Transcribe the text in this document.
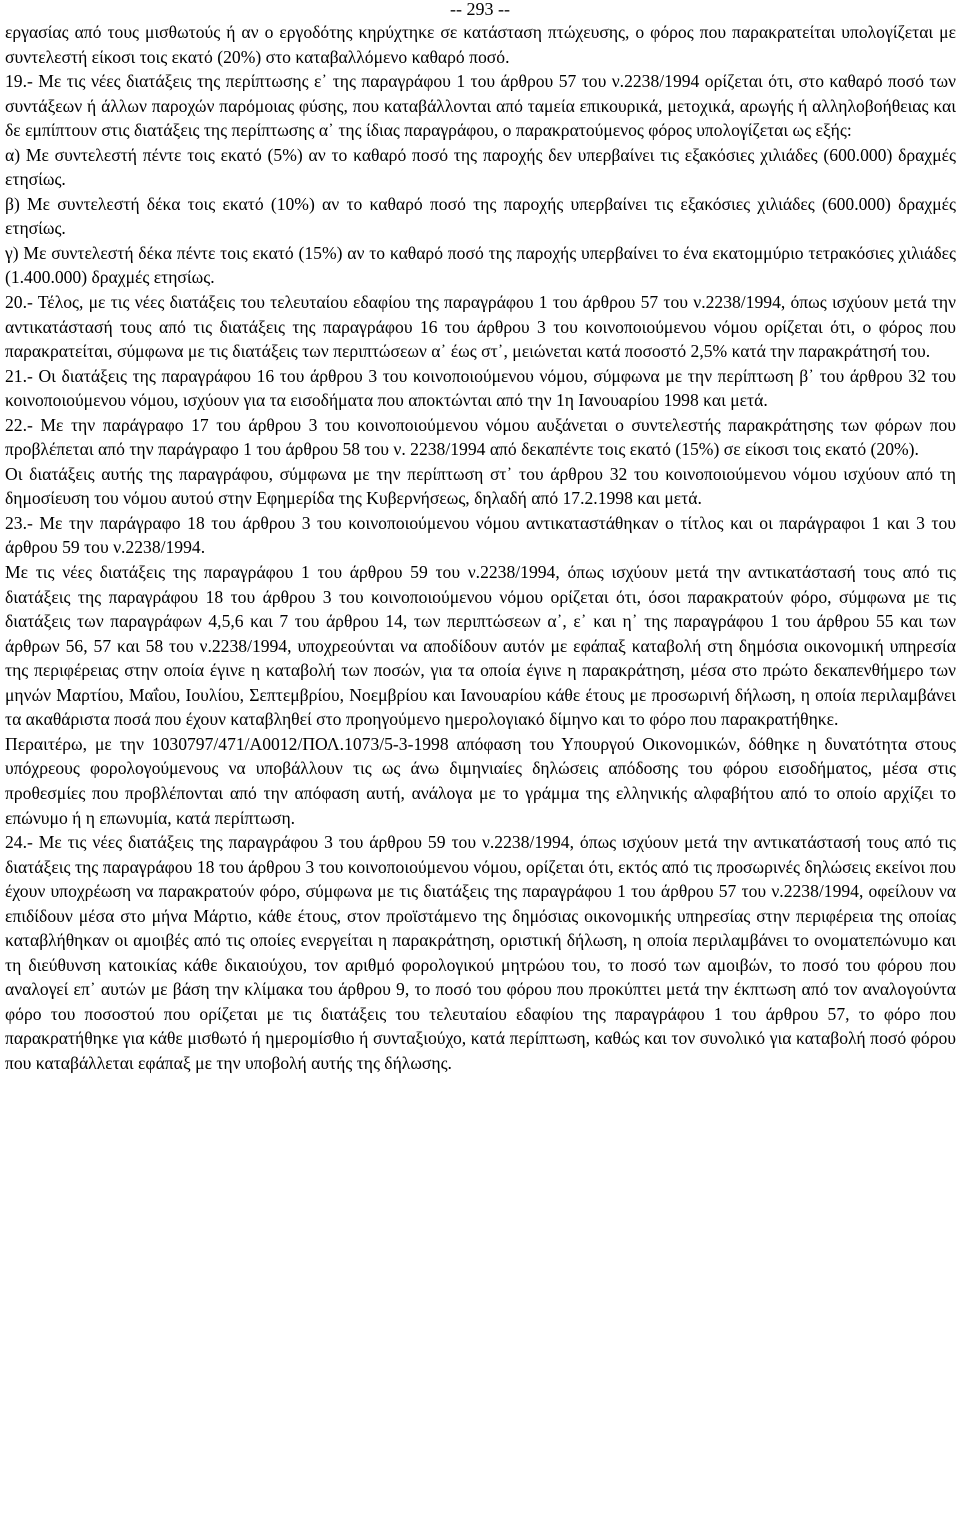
-- 293 --

εργασίας από τους μισθωτούς ή αν ο εργοδότης κηρύχτηκε σε κατάσταση πτώχευσης, ο φόρος που παρακρατείται υπολογίζεται με συντελεστή είκοσι τοις εκατό (20%) στο καταβαλλόμενο καθαρό ποσό.

19.- Με τις νέες διατάξεις της περίπτωσης ε᾽ της παραγράφου 1 του άρθρου 57 του ν.2238/1994 ορίζεται ότι, στο καθαρό ποσό των συντάξεων ή άλλων παροχών παρόμοιας φύσης, που καταβάλλονται από ταμεία επικουρικά, μετοχικά, αρωγής ή αλληλοβοήθειας και δε εμπίπτουν στις διατάξεις της περίπτωσης α᾽ της ίδιας παραγράφου, ο παρακρατούμενος φόρος υπολογίζεται ως εξής:

α) Με συντελεστή πέντε τοις εκατό (5%) αν το καθαρό ποσό της παροχής δεν υπερβαίνει τις εξακόσιες χιλιάδες (600.000) δραχμές ετησίως.

β) Με συντελεστή δέκα τοις εκατό (10%) αν το καθαρό ποσό της παροχής υπερβαίνει τις εξακόσιες χιλιάδες (600.000) δραχμές ετησίως.

γ) Με συντελεστή δέκα πέντε τοις εκατό (15%) αν το καθαρό ποσό της παροχής υπερβαίνει το ένα εκατομμύριο τετρακόσιες χιλιάδες (1.400.000) δραχμές ετησίως.

20.- Τέλος, με τις νέες διατάξεις του τελευταίου εδαφίου της παραγράφου 1 του άρθρου 57 του ν.2238/1994, όπως ισχύουν μετά την αντικατάστασή τους από τις διατάξεις της παραγράφου 16 του άρθρου 3 του κοινοποιούμενου νόμου ορίζεται ότι, ο φόρος που παρακρατείται, σύμφωνα με τις διατάξεις των περιπτώσεων α᾽ έως στ᾽, μειώνεται κατά ποσοστό 2,5% κατά την παρακράτησή του.

21.- Οι διατάξεις της παραγράφου 16 του άρθρου 3 του κοινοποιούμενου νόμου, σύμφωνα με την περίπτωση β᾽ του άρθρου 32 του κοινοποιούμενου νόμου, ισχύουν για τα εισοδήματα που αποκτώνται από την 1η Ιανουαρίου 1998 και μετά.

22.- Με την παράγραφο 17 του άρθρου 3 του κοινοποιούμενου νόμου αυξάνεται ο συντελεστής παρακράτησης των φόρων που προβλέπεται από την παράγραφο 1 του άρθρου 58 του ν. 2238/1994 από δεκαπέντε τοις εκατό (15%) σε είκοσι τοις εκατό (20%).

Οι διατάξεις αυτής της παραγράφου, σύμφωνα με την περίπτωση στ᾽ του άρθρου 32 του κοινοποιούμενου νόμου ισχύουν από τη δημοσίευση του νόμου αυτού στην Εφημερίδα της Κυβερνήσεως, δηλαδή από 17.2.1998 και μετά.

23.- Με την παράγραφο 18 του άρθρου 3 του κοινοποιούμενου νόμου αντικαταστάθηκαν ο τίτλος και οι παράγραφοι 1 και 3 του άρθρου 59 του ν.2238/1994.

Με τις νέες διατάξεις της παραγράφου 1 του άρθρου 59 του ν.2238/1994, όπως ισχύουν μετά την αντικατάστασή τους από τις διατάξεις της παραγράφου 18 του άρθρου 3 του κοινοποιούμενου νόμου ορίζεται ότι, όσοι παρακρατούν φόρο, σύμφωνα με τις διατάξεις των παραγράφων 4,5,6 και 7 του άρθρου 14, των περιπτώσεων α᾽, ε᾽ και η᾽ της παραγράφου 1 του άρθρου 55 και των άρθρων 56, 57 και 58 του ν.2238/1994, υποχρεούνται να αποδίδουν αυτόν με εφάπαξ καταβολή στη δημόσια οικονομική υπηρεσία της περιφέρειας στην οποία έγινε η καταβολή των ποσών, για τα οποία έγινε η παρακράτηση, μέσα στο πρώτο δεκαπενθήμερο των μηνών Μαρτίου, Μαΐου, Ιουλίου, Σεπτεμβρίου, Νοεμβρίου και Ιανουαρίου κάθε έτους με προσωρινή δήλωση, η οποία περιλαμβάνει τα ακαθάριστα ποσά που έχουν καταβληθεί στο προηγούμενο ημερολογιακό δίμηνο και το φόρο που παρακρατήθηκε.

Περαιτέρω, με την 1030797/471/Α0012/ΠΟΛ.1073/5-3-1998 απόφαση του Υπουργού Οικονομικών, δόθηκε η δυνατότητα στους υπόχρεους φορολογούμενους να υποβάλλουν τις ως άνω διμηνιαίες δηλώσεις απόδοσης του φόρου εισοδήματος, μέσα στις προθεσμίες που προβλέπονται από την απόφαση αυτή, ανάλογα με το γράμμα της ελληνικής αλφαβήτου από το οποίο αρχίζει το επώνυμο ή η επωνυμία, κατά περίπτωση.

24.- Με τις νέες διατάξεις της παραγράφου 3 του άρθρου 59 του ν.2238/1994, όπως ισχύουν μετά την αντικατάστασή τους από τις διατάξεις της παραγράφου 18 του άρθρου 3 του κοινοποιούμενου νόμου, ορίζεται ότι, εκτός από τις προσωρινές δηλώσεις εκείνοι που έχουν υποχρέωση να παρακρατούν φόρο, σύμφωνα με τις διατάξεις της παραγράφου 1 του άρθρου 57 του ν.2238/1994, οφείλουν να επιδίδουν μέσα στο μήνα Μάρτιο, κάθε έτους, στον προϊστάμενο της δημόσιας οικονομικής υπηρεσίας στην περιφέρεια της οποίας καταβλήθηκαν οι αμοιβές από τις οποίες ενεργείται η παρακράτηση, οριστική δήλωση, η οποία περιλαμβάνει το ονοματεπώνυμο και τη διεύθυνση κατοικίας κάθε δικαιούχου, τον αριθμό φορολογικού μητρώου του, το ποσό των αμοιβών, το ποσό του φόρου που αναλογεί επ᾽ αυτών με βάση την κλίμακα του άρθρου 9, το ποσό του φόρου που προκύπτει μετά την έκπτωση από τον αναλογούντα φόρο του ποσοστού που ορίζεται με τις διατάξεις του τελευταίου εδαφίου της παραγράφου 1 του άρθρου 57, το φόρο που παρακρατήθηκε για κάθε μισθωτό ή ημερομίσθιο ή συνταξιούχο, κατά περίπτωση, καθώς και τον συνολικό για καταβολή ποσό φόρου που καταβάλλεται εφάπαξ με την υποβολή αυτής της δήλωσης.
